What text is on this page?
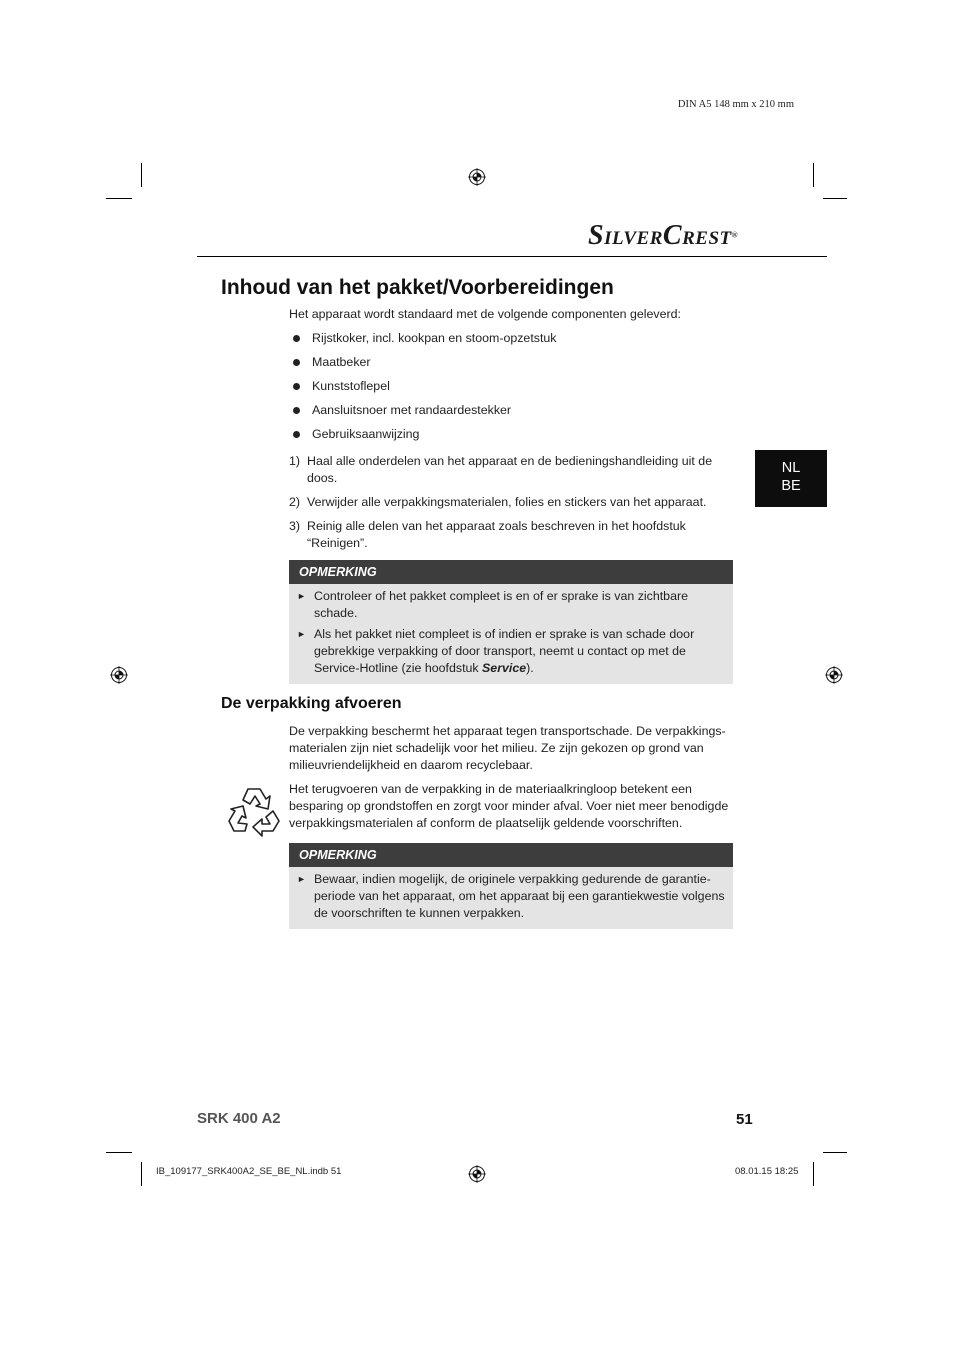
DIN A5 148 mm x 210 mm
SILVERCREST®
Inhoud van het pakket/Voorbereidingen

Het apparaat wordt standaard met de volgende componenten geleverd:

Rijstkoker, incl. kookpan en stoom-opzetstuk
Maatbeker
Kunststoflepel
Aansluitsnoer met randaardestekker
Gebruiksaanwijzing
1) Haal alle onderdelen van het apparaat en de bedieningshandleiding uit de doos.
2) Verwijder alle verpakkingsmaterialen, folies en stickers van het apparaat.
3) Reinig alle delen van het apparaat zoals beschreven in het hoofdstuk “Reinigen”.
NL
BE
OPMERKING
► Controleer of het pakket compleet is en of er sprake is van zichtbare schade.
► Als het pakket niet compleet is of indien er sprake is van schade door gebrekkige verpakking of door transport, neemt u contact op met de Service-Hotline (zie hoofdstuk Service).
De verpakking afvoeren

De verpakking beschermt het apparaat tegen transportschade. De verpakkings-materialen zijn niet schadelijk voor het milieu. Ze zijn gekozen op grond van milieuvriendelijkheid en daarom recyclebaar.

Het terugvoeren van de verpakking in de materiaalkringloop betekent een besparing op grondstoffen en zorgt voor minder afval. Voer niet meer benodigde verpakkingsmaterialen af conform de plaatselijk geldende voorschriften.

OPMERKING
► Bewaar, indien mogelijk, de originele verpakking gedurende de garantie-periode van het apparaat, om het apparaat bij een garantiekwestie volgens de voorschriften te kunnen verpakken.
SRK 400 A2	51
IB_109177_SRK400A2_SE_BE_NL.indb 51	08.01.15 18:25
